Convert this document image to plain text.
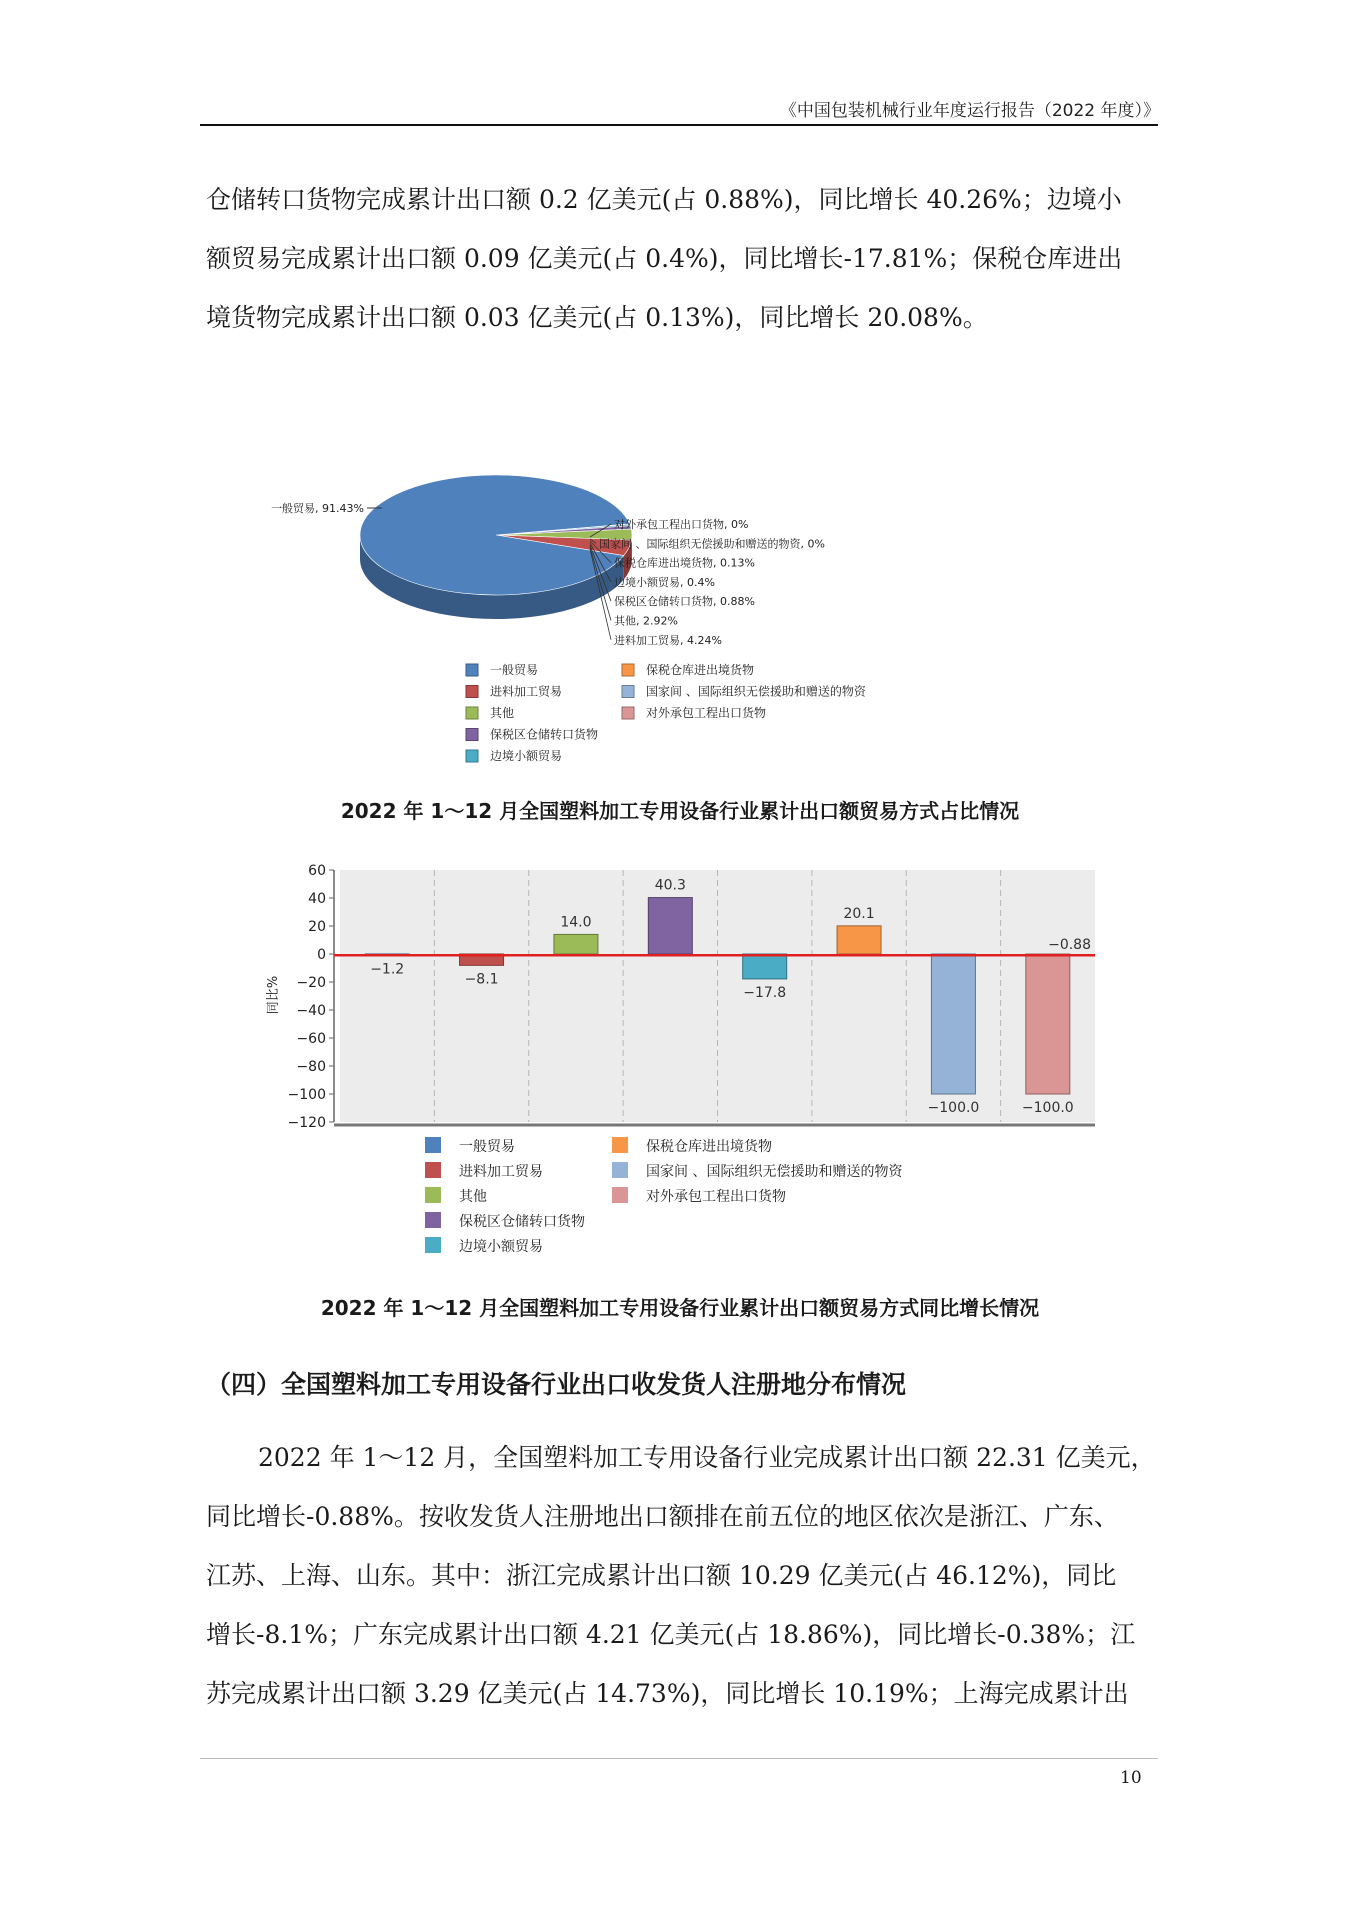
《中国包装机械行业年度运行报告（2022 年度）》

仓储转口货物完成累计出口额 0.2 亿美元(占 0.88%)，同比增长 40.26%；边境小

额贸易完成累计出口额 0.09 亿美元(占 0.4%)，同比增长-17.81%；保税仓库进出

境货物完成累计出口额 0.03 亿美元(占 0.13%)，同比增长 20.08%。

一般贸易, 91.43%
对外承包工程出口货物, 0%
国家间 、国际组织无偿援助和赠送的物资, 0%
保税仓库进出境货物, 0.13%
边境小额贸易, 0.4%
保税区仓储转口货物, 0.88%
其他, 2.92%
进料加工贸易, 4.24%
一般贸易
进料加工贸易
其他
保税区仓储转口货物
边境小额贸易
保税仓库进出境货物
国家间 、国际组织无偿援助和赠送的物资
对外承包工程出口货物
2022 年 1～12 月全国塑料加工专用设备行业累计出口额贸易方式占比情况
60
40
20
0
−20
−40
−60
−80
−100
−120
−1.2
−8.1
14.0
40.3
−17.8
20.1
−100.0	−100.0
−0.88
一般贸易
进料加工贸易
其他
保税区仓储转口货物
边境小额贸易
保税仓库进出境货物
国家间 、国际组织无偿援助和赠送的物资
对外承包工程出口货物
同比%
2022 年 1～12 月全国塑料加工专用设备行业累计出口额贸易方式同比增长情况
（四）全国塑料加工专用设备行业出口收发货人注册地分布情况

2022 年 1～12 月，全国塑料加工专用设备行业完成累计出口额 22.31 亿美元，

同比增长-0.88%。按收发货人注册地出口额排在前五位的地区依次是浙江、广东、

江苏、上海、山东。其中：浙江完成累计出口额 10.29 亿美元(占 46.12%)，同比

增长-8.1%；广东完成累计出口额 4.21 亿美元(占 18.86%)，同比增长-0.38%；江

苏完成累计出口额 3.29 亿美元(占 14.73%)，同比增长 10.19%；上海完成累计出

10
